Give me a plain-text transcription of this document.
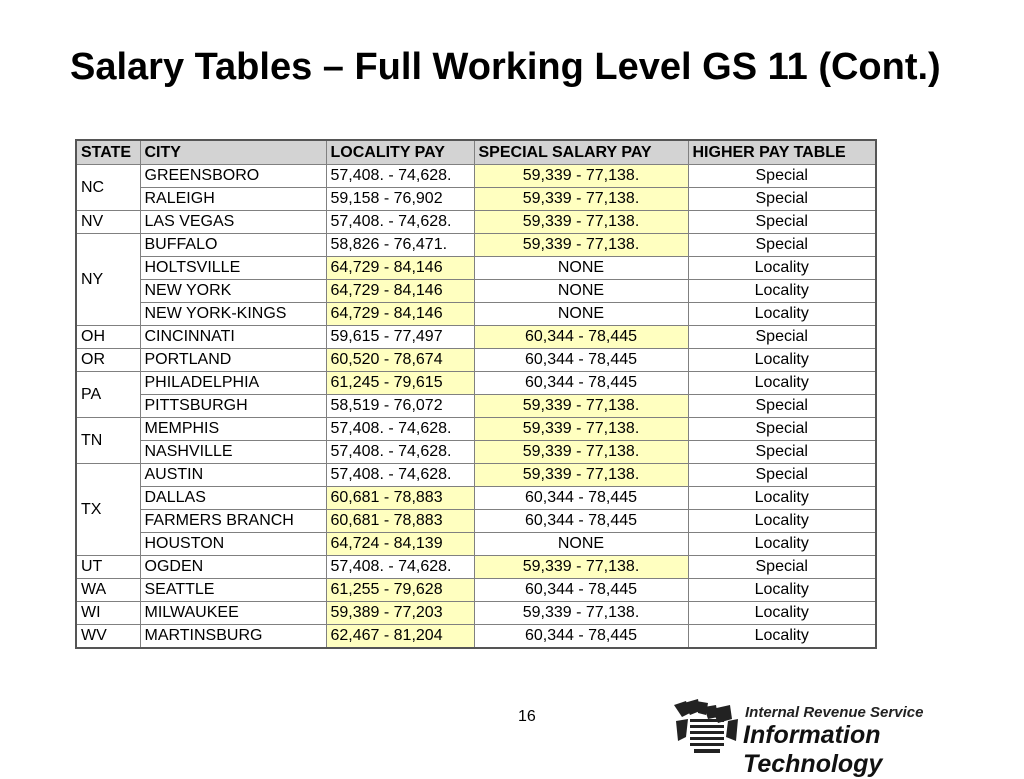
Salary Tables – Full Working Level GS 11 (Cont.)
STATE	CITY	LOCALITY PAY	SPECIAL SALARY PAY	HIGHER PAY TABLE
NC	GREENSBORO	57,408. - 74,628.	59,339 - 77,138.	Special
	RALEIGH	59,158 - 76,902	59,339 - 77,138.	Special
NV	LAS VEGAS	57,408. - 74,628.	59,339 - 77,138.	Special
NY	BUFFALO	58,826 - 76,471.	59,339 - 77,138.	Special
	HOLTSVILLE	64,729 - 84,146	NONE	Locality
	NEW YORK	64,729 - 84,146	NONE	Locality
	NEW YORK-KINGS	64,729 - 84,146	NONE	Locality
OH	CINCINNATI	59,615 - 77,497	60,344 - 78,445	Special
OR	PORTLAND	60,520 - 78,674	60,344 - 78,445	Locality
PA	PHILADELPHIA	61,245 - 79,615	60,344 - 78,445	Locality
	PITTSBURGH	58,519 - 76,072	59,339 - 77,138.	Special
TN	MEMPHIS	57,408. - 74,628.	59,339 - 77,138.	Special
	NASHVILLE	57,408. - 74,628.	59,339 - 77,138.	Special
TX	AUSTIN	57,408. - 74,628.	59,339 - 77,138.	Special
	DALLAS	60,681 - 78,883	60,344 - 78,445	Locality
	FARMERS BRANCH	60,681 - 78,883	60,344 - 78,445	Locality
	HOUSTON	64,724 - 84,139	NONE	Locality
UT	OGDEN	57,408. - 74,628.	59,339 - 77,138.	Special
WA	SEATTLE	61,255 - 79,628	60,344 - 78,445	Locality
WI	MILWAUKEE	59,389 - 77,203	59,339 - 77,138.	Locality
WV	MARTINSBURG	62,467 - 81,204	60,344 - 78,445	Locality
16	Internal Revenue Service
Information Technology
